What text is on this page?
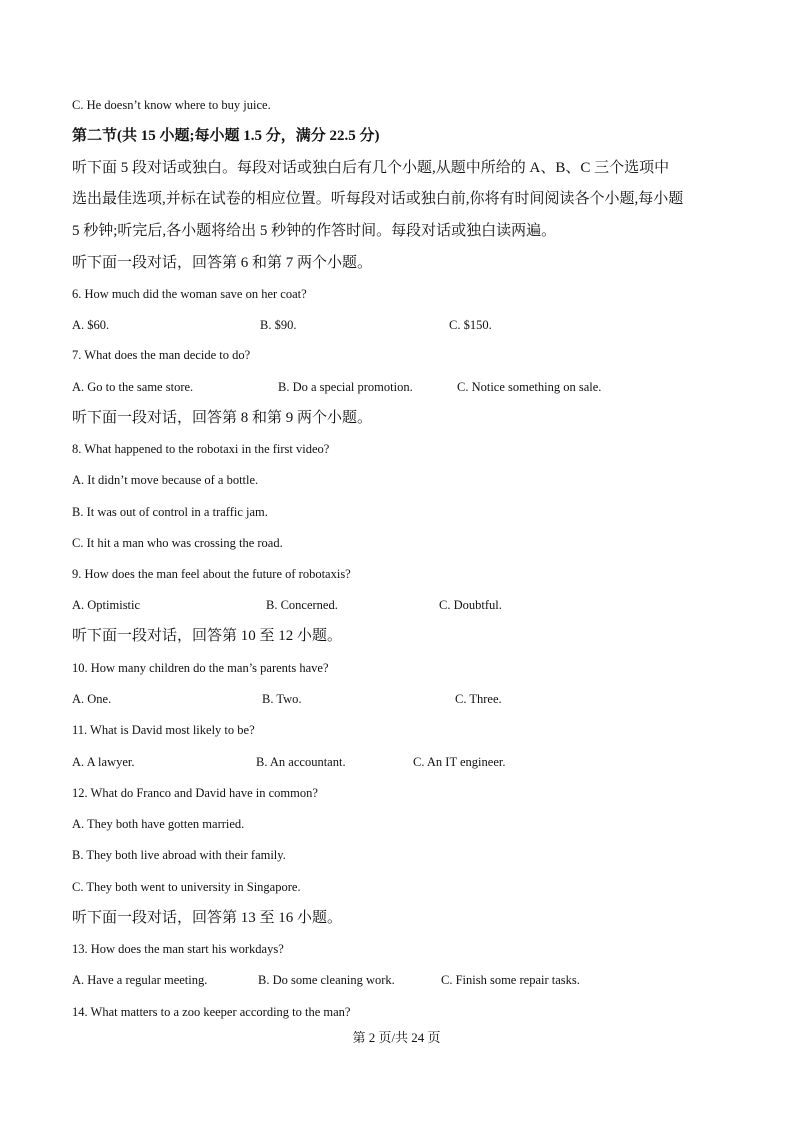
C. He doesn’t know where to buy juice.
第二节(共 15 小题;每小题 1.5 分，满分 22.5 分)
听下面 5 段对话或独白。每段对话或独白后有几个小题,从题中所给的 A、B、C 三个选项中
选出最佳选项,并标在试卷的相应位置。听每段对话或独白前,你将有时间阅读各个小题,每小题
5 秒钟;听完后,各小题将给出 5 秒钟的作答时间。每段对话或独白读两遍。
听下面一段对话，回答第 6 和第 7 两个小题。
6. How much did the woman save on her coat?
A. $60.	B. $90.	C. $150.
7. What does the man decide to do?
A. Go to the same store.	B. Do a special promotion.	C. Notice something on sale.
听下面一段对话，回答第 8 和第 9 两个小题。
8. What happened to the robotaxi in the first video?
A. It didn’t move because of a bottle.
B. It was out of control in a traffic jam.
C. It hit a man who was crossing the road.
9. How does the man feel about the future of robotaxis?
A. Optimistic	B. Concerned.	C. Doubtful.
听下面一段对话，回答第 10 至 12 小题。
10. How many children do the man’s parents have?
A. One.	B. Two.	C. Three.
11. What is David most likely to be?
A. A lawyer.	B. An accountant.	C. An IT engineer.
12. What do Franco and David have in common?
A. They both have gotten married.
B. They both live abroad with their family.
C. They both went to university in Singapore.
听下面一段对话，回答第 13 至 16 小题。
13. How does the man start his workdays?
A. Have a regular meeting.	B. Do some cleaning work.	C. Finish some repair tasks.
14. What matters to a zoo keeper according to the man?
第 2 页/共 24 页
